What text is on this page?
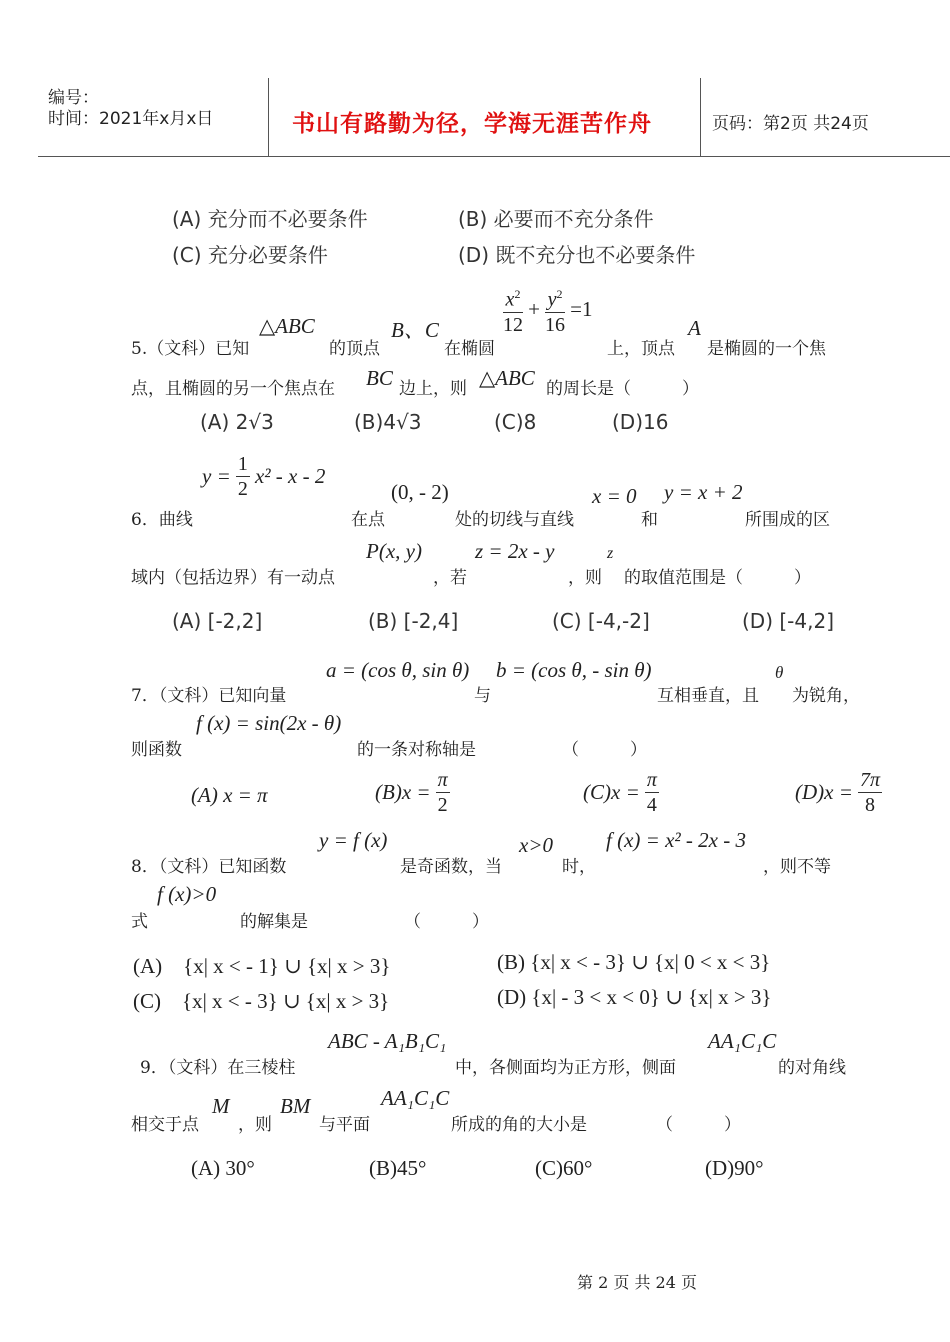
编号：
时间：2021年x月x日	书山有路勤为径，学海无涯苦作舟	页码：第2页 共24页
(A) 充分而不必要条件	(B) 必要而不充分条件
(C) 充分必要条件	(D) 既不充分也不必要条件
5.（文科）已知
△ABC
的顶点
B、C
在椭圆
$\frac{x^2}{12} + \frac{y^2}{16} =1$
上，顶点
A
是椭圆的一个焦
点，且椭圆的另一个焦点在 BC 边上，则 △ABC 的周长是（　　　）
(A) 2√3	(B)4√3	(C)8	(D)16
$y = \frac{1}{2} x^2 - x - 2$
6．曲线	在点
(0, - 2)
处的切线与直线
x = 0
和
y = x + 2
所围成的区
域内（包括边界）有一动点
P(x, y)
，若
z = 2x - y
，则
z
的取值范围是（　　　）
(A) [-2,2]	(B) [-2,4]	(C) [-4,-2]	(D) [-4,2]
7．（文科）已知向量
a = (cos θ, sin θ)
与
b = (cos θ, - sin θ)
互相垂直，且
θ
为锐角，
f (x) = sin(2x - θ)
则函数	的一条对称轴是	（　　　）
(A) x = π	$(B)x = \frac{\pi}{2}$	$(C)x = \frac{\pi}{4}$	$(D)x = \frac{7\pi}{8}$
8．（文科）已知函数
y = f (x)
是奇函数，当
x>0
时，
f (x) = x² - 2x - 3
，则不等
f (x)>0
式	的解集是	（　　　）
(A)　{x| x < - 1} ∪ {x| x > 3}	(B) {x| x < - 3} ∪ {x| 0 < x < 3}
(C)　{x| x < - 3} ∪ {x| x > 3}	(D) {x| - 3 < x < 0} ∪ {x| x > 3}
9．（文科）在三棱柱
ABC - A₁B₁C₁
中，各侧面均为正方形，侧面
AA₁C₁C
的对角线
相交于点
M
，则
BM
与平面
AA₁C₁C
所成的角的大小是	（　　　）
(A) 30°	(B)45°	(C)60°	(D)90°
第 2 页 共 24 页
